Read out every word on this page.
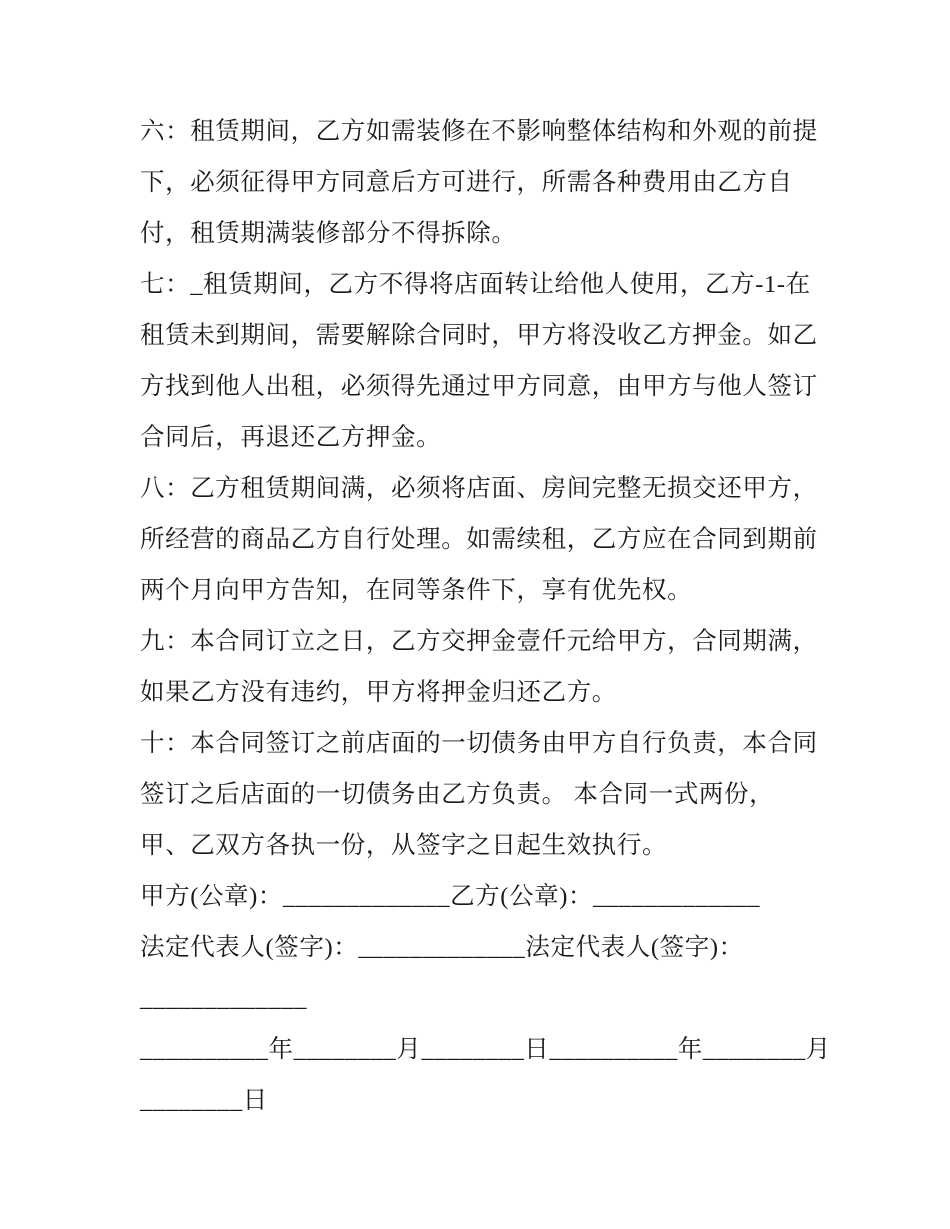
六：租赁期间，乙方如需装修在不影响整体结构和外观的前提
下，必须征得甲方同意后方可进行，所需各种费用由乙方自
付，租赁期满装修部分不得拆除。
七：_租赁期间，乙方不得将店面转让给他人使用，乙方-1-在
租赁未到期间，需要解除合同时，甲方将没收乙方押金。如乙
方找到他人出租，必须得先通过甲方同意，由甲方与他人签订
合同后，再退还乙方押金。
八：乙方租赁期间满，必须将店面、房间完整无损交还甲方，
所经营的商品乙方自行处理。如需续租，乙方应在合同到期前
两个月向甲方告知，在同等条件下，享有优先权。
九：本合同订立之日，乙方交押金壹仟元给甲方，合同期满，
如果乙方没有违约，甲方将押金归还乙方。
十：本合同签订之前店面的一切债务由甲方自行负责，本合同
签订之后店面的一切债务由乙方负责。 本合同一式两份，
甲、乙双方各执一份，从签字之日起生效执行。
甲方(公章)：_____________乙方(公章)：_____________
法定代表人(签字)：_____________法定代表人(签字)：
_____________
__________年________月________日__________年________月
________日
